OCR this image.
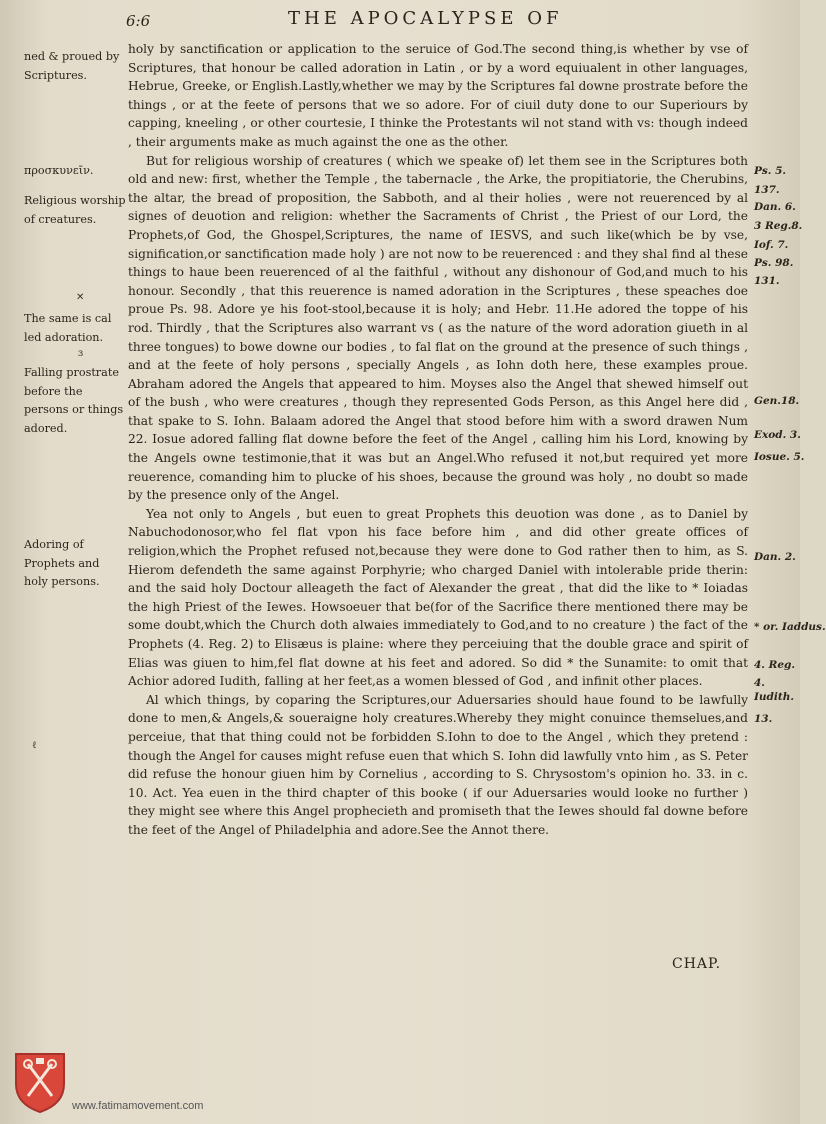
6:6	THE APOCALYPSE OF
ned & proued by Scriptures.
προσκυνεῖν.
Religious worship of creatures.
The same is cal led adoration.
Falling prostrate before the persons or things adored.
Adoring of Prophets and holy persons.

holy by sanctification or application to the seruice of God.The second thing,is whether by vse of Scriptures, that honour be called adoration in Latin , or by a word equiualent in other languages, Hebrue, Greeke, or English.Lastly,whether we may by the Scriptures fal downe prostrate before the things , or at the feete of persons that we so adore. For of ciuil duty done to our Superiours by capping, kneeling , or other courtesie, I thinke the Protestants wil not stand with vs: though indeed , their arguments make as much against the one as the other.

But for religious worship of creatures ( which we speake of) let them see in the Scriptures both old and new: first, whether the Temple , the tabernacle , the Arke, the propitiatorie, the Cherubins, the altar, the bread of proposition, the Sabboth, and al their holies , were not reuerenced by al signes of deuotion and religion: whether the Sacraments of Christ , the Priest of our Lord, the Prophets,of God, the Ghospel,Scriptures, the name of IESVS, and such like(which be by vse, signification,or sanctification made holy ) are not now to be reuerenced : and they shal find al these things to haue been reuerenced of al the faithful , without any dishonour of God,and much to his honour. Secondly , that this reuerence is named adoration in the Scriptures , these speaches doe proue Ps. 98. Adore ye his foot-stool,because it is holy; and Hebr. 11.He adored the toppe of his rod. Thirdly , that the Scriptures also warrant vs ( as the nature of the word adoration giueth in al three tongues) to bowe downe our bodies , to fal flat on the ground at the presence of such things , and at the feete of holy persons , specially Angels , as Iohn doth here, these examples proue. Abraham adored the Angels that appeared to him. Moyses also the Angel that shewed himself out of the bush , who were creatures , though they represented Gods Person, as this Angel here did , that spake to S. Iohn. Balaam adored the Angel that stood before him with a sword drawen Num 22. Iosue adored falling flat downe before the feet of the Angel , calling him his Lord, knowing by the Angels owne testimonie,that it was but an Angel.Who refused it not,but required yet more reuerence, comanding him to plucke of his shoes, because the ground was holy , no doubt so made by the presence only of the Angel.

Yea not only to Angels , but euen to great Prophets this deuotion was done , as to Daniel by Nabuchodonosor,who fel flat vpon his face before him , and did other greate offices of religion,which the Prophet refused not,because they were done to God rather then to him, as S. Hierom defendeth the same against Porphyrie; who charged Daniel with intolerable pride therin: and the said holy Doctour alleageth the fact of Alexander the great , that did the like to * Ioiadas the high Priest of the Iewes. Howsoeuer that be(for of the Sacrifice there mentioned there may be some doubt,which the Church doth alwaies immediately to God,and to no creature ) the fact of the Prophets (4. Reg. 2) to Elisæus is plaine: where they perceiuing that the double grace and spirit of Elias was giuen to him,fel flat downe at his feet and adored. So did * the Sunamite: to omit that Achior adored Iudith, falling at her feet,as a women blessed of God , and infinit other places.

Al which things, by coparing the Scriptures,our Aduersaries should haue found to be lawfully done to men,& Angels,& soueraigne holy creatures.Whereby they might conuince themselues,and perceiue, that that thing could not be forbidden S.Iohn to doe to the Angel , which they pretend : though the Angel for causes might refuse euen that which S. Iohn did lawfully vnto him , as S. Peter did refuse the honour giuen him by Cornelius , according to S. Chrysostom's opinion ho. 33. in c. 10. Act. Yea euen in the third chapter of this booke ( if our Aduersaries would looke no further ) they might see where this Angel prophecieth and promiseth that the Iewes should fal downe before the feet of the Angel of Philadelphia and adore.See the Annot there.

Ps. 5.
137.
Dan. 6.
3 Reg.8.
Iof. 7.
Ps. 98.
131.
Gen.18.
Exod. 3.
Iosue. 5.
Dan. 2.
* or. Iaddus.
4. Reg.
4.
Iudith.
13.
✕
ɜ
ℓ
CHAP.
www.fatimamovement.com
